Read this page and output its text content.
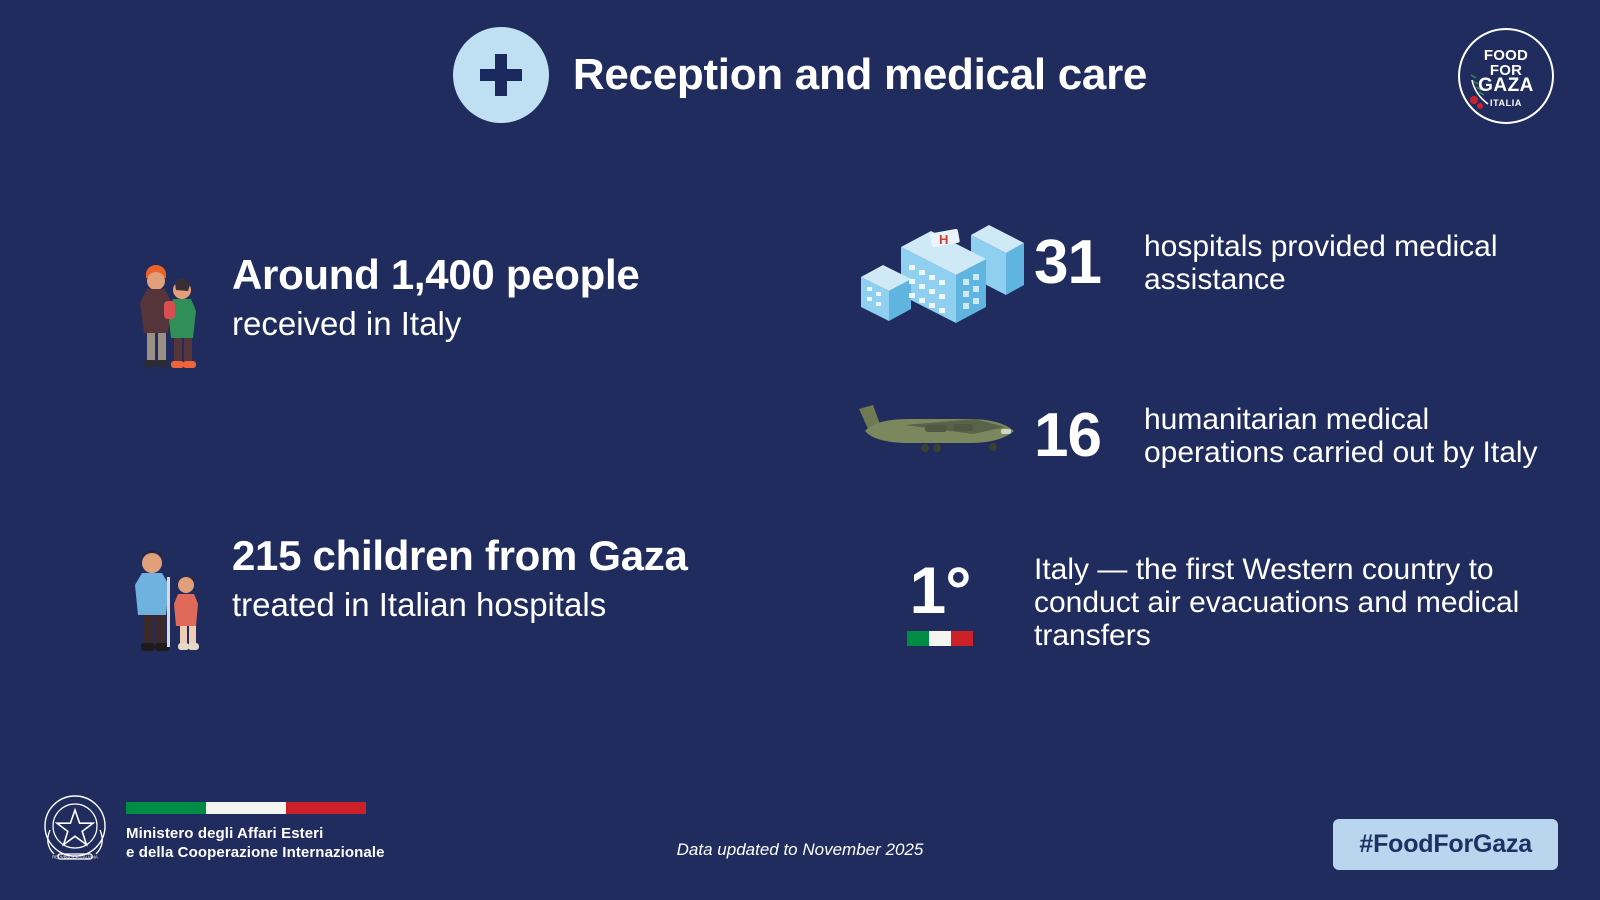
Reception and medical care	FOOD
FOR
GAZA
ITALIA
Around 1,400 people
received in Italy
215 children from Gaza
treated in Italian hospitals
H 31	hospitals provided medical assistance
16	humanitarian medical operations carried out by Italy
1° Italy — the first Western country to conduct air evacuations and medical transfers
REPVBBLICA ITALIANA
Ministero degli Affari Esteri
e della Cooperazione Internazionale	Data updated to November 2025	#FoodForGaza
